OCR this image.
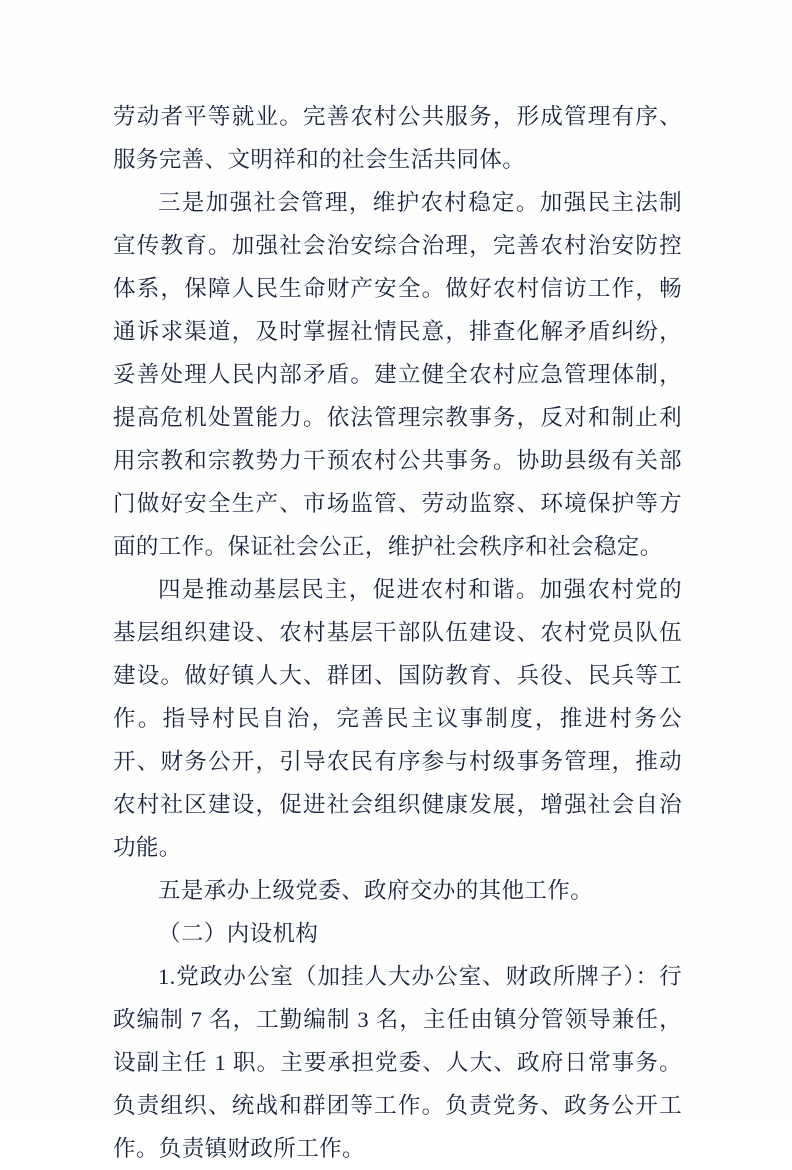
劳动者平等就业。完善农村公共服务，形成管理有序、服务完善、文明祥和的社会生活共同体。

三是加强社会管理，维护农村稳定。加强民主法制宣传教育。加强社会治安综合治理，完善农村治安防控体系，保障人民生命财产安全。做好农村信访工作，畅通诉求渠道，及时掌握社情民意，排查化解矛盾纠纷，妥善处理人民内部矛盾。建立健全农村应急管理体制，提高危机处置能力。依法管理宗教事务，反对和制止利用宗教和宗教势力干预农村公共事务。协助县级有关部门做好安全生产、市场监管、劳动监察、环境保护等方面的工作。保证社会公正，维护社会秩序和社会稳定。

四是推动基层民主，促进农村和谐。加强农村党的基层组织建设、农村基层干部队伍建设、农村党员队伍建设。做好镇人大、群团、国防教育、兵役、民兵等工作。指导村民自治，完善民主议事制度，推进村务公开、财务公开，引导农民有序参与村级事务管理，推动农村社区建设，促进社会组织健康发展，增强社会自治功能。

五是承办上级党委、政府交办的其他工作。

（二）内设机构

1.党政办公室（加挂人大办公室、财政所牌子）：行政编制 7 名，工勤编制 3 名，主任由镇分管领导兼任，设副主任 1 职。主要承担党委、人大、政府日常事务。负责组织、统战和群团等工作。负责党务、政务公开工作。负责镇财政所工作。
